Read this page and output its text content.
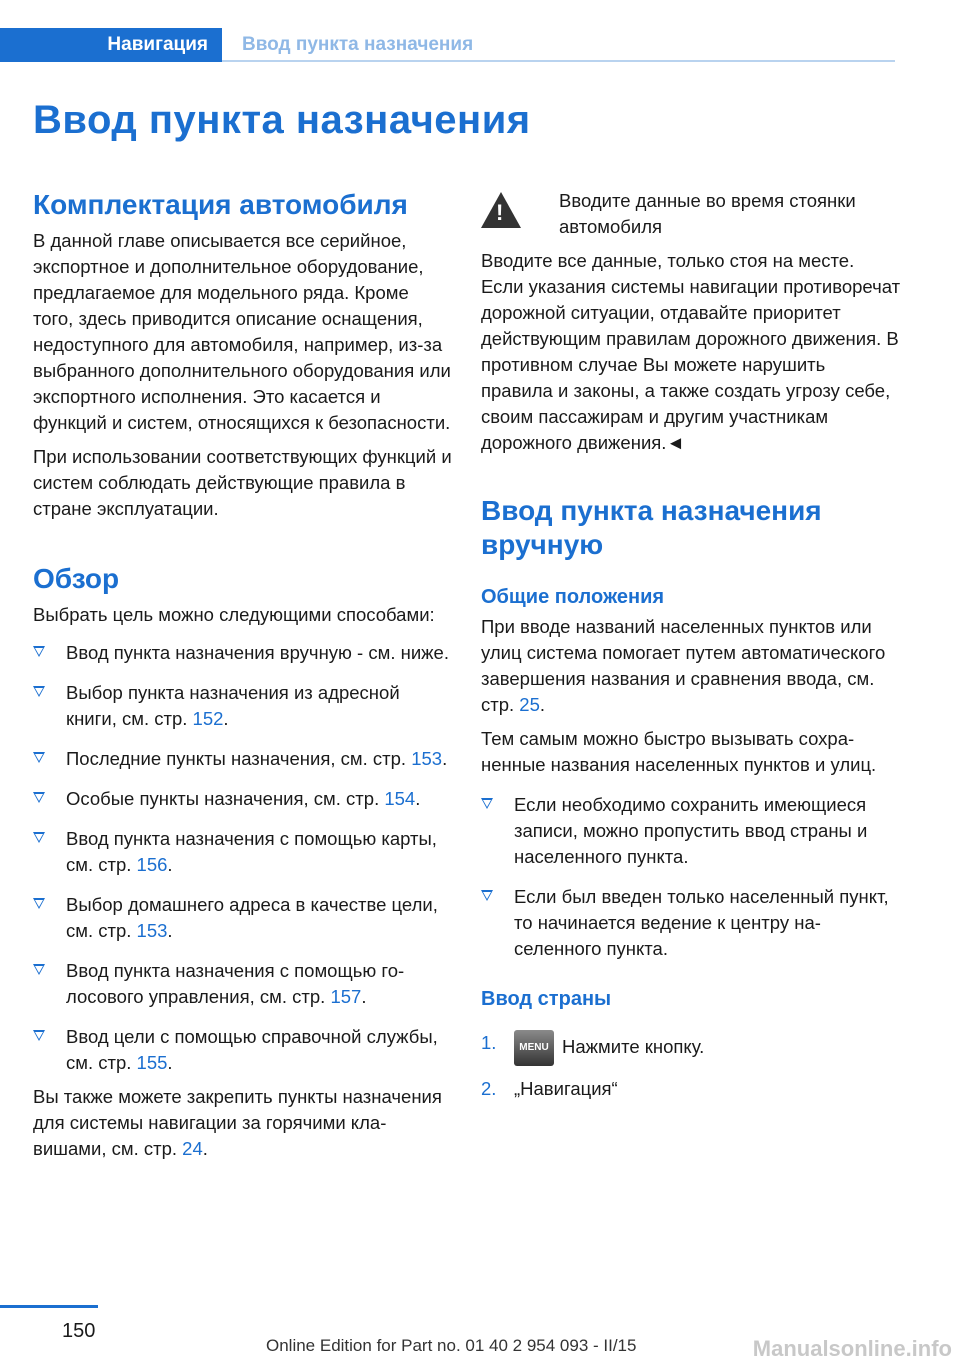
Навигация Ввод пункта назначения
Ввод пункта назначения
Комплектация автомобиля

В данной главе описывается все серийное, экспортное и дополнительное оборудование, предлагаемое для модельного ряда. Кроме того, здесь приводится описание оснащения, недоступного для автомобиля, например, из-за выбранного дополнительного оборудования или экспортного исполнения. Это касается и функций и систем, относящихся к безопасности.

При использовании соответствующих функций и систем соблюдать действующие правила в стране эксплуатации.

Обзор

Выбрать цель можно следующими способами:

Ввод пункта назначения вручную - см. ниже.
Выбор пункта назначения из адресной книги, см. стр. 152.
Последние пункты назначения, см. стр. 153.
Особые пункты назначения, см. стр. 154.
Ввод пункта назначения с помощью карты, см. стр. 156.
Выбор домашнего адреса в качестве цели, см. стр. 153.
Ввод пункта назначения с помощью голосового управления, см. стр. 157.
Ввод цели с помощью справочной службы, см. стр. 155.

Вы также можете закрепить пункты назначения для системы навигации за горячими клавишами, см. стр. 24.

!	Вводите данные во время стоянки автомобиля

Вводите все данные, только стоя на месте. Если указания системы навигации противоречат дорожной ситуации, отдавайте приоритет действующим правилам дорожного движения. В противном случае Вы можете нарушить правила и законы, а также создать угрозу себе, своим пассажирам и другим участникам дорожного движения.◄

Ввод пункта назначения вручную
Общие положения

При вводе названий населенных пунктов или улиц система помогает путем автоматического завершения названия и сравнения ввода, см. стр. 25.

Тем самым можно быстро вызывать сохраненные названия населенных пунктов и улиц.

Если необходимо сохранить имеющиеся записи, можно пропустить ввод страны и населенного пункта.
Если был введен только населенный пункт, то начинается ведение к центру населенного пункта.
Ввод страны
1. MENU Нажмите кнопку.
2. „Навигация“
150
Online Edition for Part no. 01 40 2 954 093 - II/15	Manualsonline.info
